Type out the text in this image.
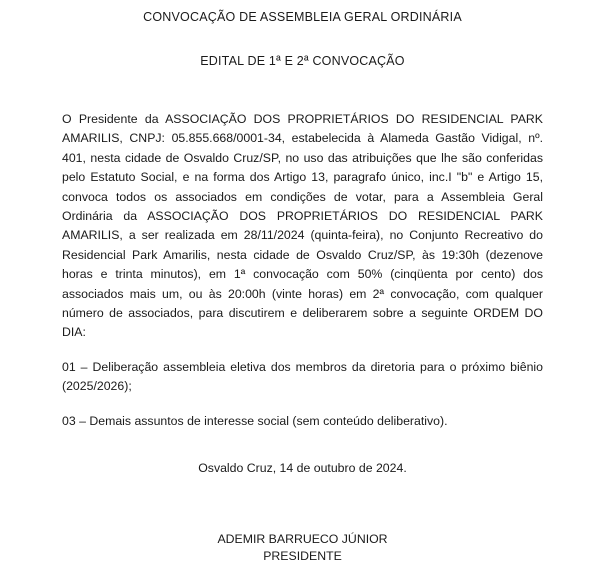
CONVOCAÇÃO DE ASSEMBLEIA GERAL ORDINÁRIA
EDITAL DE 1ª E 2ª CONVOCAÇÃO

O Presidente da ASSOCIAÇÃO DOS PROPRIETÁRIOS DO RESIDENCIAL PARK AMARILIS, CNPJ: 05.855.668/0001-34, estabelecida à Alameda Gastão Vidigal, nº. 401, nesta cidade de Osvaldo Cruz/SP, no uso das atribuições que lhe são conferidas pelo Estatuto Social, e na forma dos Artigo 13, paragrafo único, inc.I "b" e Artigo 15, convoca todos os associados em condições de votar, para a Assembleia Geral Ordinária da ASSOCIAÇÃO DOS PROPRIETÁRIOS DO RESIDENCIAL PARK AMARILIS, a ser realizada em 28/11/2024 (quinta-feira), no Conjunto Recreativo do Residencial Park Amarilis, nesta cidade de Osvaldo Cruz/SP, às 19:30h (dezenove horas e trinta minutos), em 1ª convocação com 50% (cinqüenta por cento) dos associados mais um, ou às 20:00h (vinte horas) em 2ª convocação, com qualquer número de associados, para discutirem e deliberarem sobre a seguinte ORDEM DO DIA:

01 – Deliberação assembleia eletiva dos membros da diretoria para o próximo biênio (2025/2026);

03 – Demais assuntos de interesse social (sem conteúdo deliberativo).

Osvaldo Cruz, 14 de outubro de 2024.
ADEMIR BARRUECO JÚNIOR
PRESIDENTE
